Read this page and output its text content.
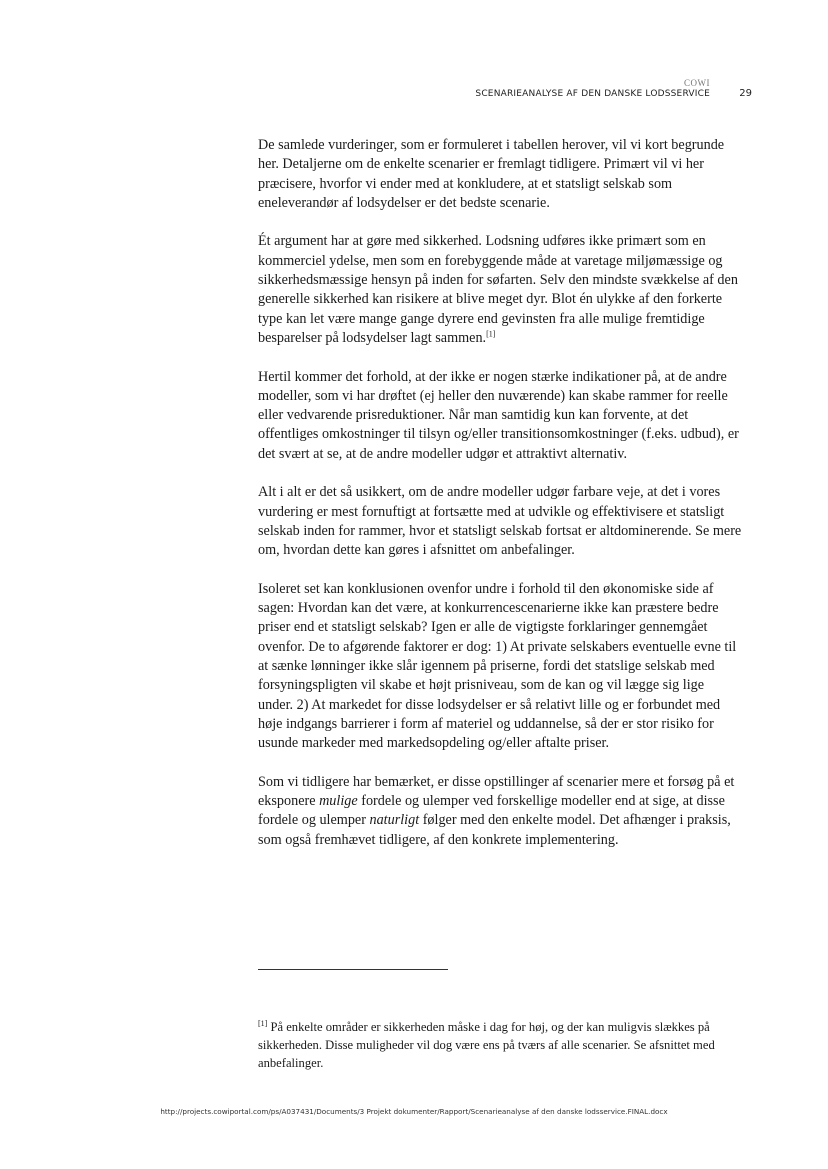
COWI
SCENARIEANALYSE AF DEN DANSKE LODSSERVICE	29

De samlede vurderinger, som er formuleret i tabellen herover, vil vi kort begrunde her. Detaljerne om de enkelte scenarier er fremlagt tidligere. Primært vil vi her præcisere, hvorfor vi ender med at konkludere, at et statsligt selskab som eneleverandør af lodsydelser er det bedste scenarie.

Ét argument har at gøre med sikkerhed. Lodsning udføres ikke primært som en kommerciel ydelse, men som en forebyggende måde at varetage miljømæssige og sikkerhedsmæssige hensyn på inden for søfarten. Selv den mindste svækkelse af den generelle sikkerhed kan risikere at blive meget dyr. Blot én ulykke af den forkerte type kan let være mange gange dyrere end gevinsten fra alle mulige fremtidige besparelser på lodsydelser lagt sammen.[1]

Hertil kommer det forhold, at der ikke er nogen stærke indikationer på, at de andre modeller, som vi har drøftet (ej heller den nuværende) kan skabe rammer for reelle eller vedvarende prisreduktioner. Når man samtidig kun kan forvente, at det offentliges omkostninger til tilsyn og/eller transitionsomkostninger (f.eks. udbud), er det svært at se, at de andre modeller udgør et attraktivt alternativ.

Alt i alt er det så usikkert, om de andre modeller udgør farbare veje, at det i vores vurdering er mest fornuftigt at fortsætte med at udvikle og effektivisere et statsligt selskab inden for rammer, hvor et statsligt selskab fortsat er altdominerende. Se mere om, hvordan dette kan gøres i afsnittet om anbefalinger.

Isoleret set kan konklusionen ovenfor undre i forhold til den økonomiske side af sagen: Hvordan kan det være, at konkurrencescenarierne ikke kan præstere bedre priser end et statsligt selskab? Igen er alle de vigtigste forklaringer gennemgået ovenfor. De to afgørende faktorer er dog: 1) At private selskabers eventuelle evne til at sænke lønninger ikke slår igennem på priserne, fordi det statslige selskab med forsyningspligten vil skabe et højt prisniveau, som de kan og vil lægge sig lige under. 2) At markedet for disse lodsydelser er så relativt lille og er forbundet med høje indgangs barrierer i form af materiel og uddannelse, så der er stor risiko for usunde markeder med markedsopdeling og/eller aftalte priser.

Som vi tidligere har bemærket, er disse opstillinger af scenarier mere et forsøg på et eksponere mulige fordele og ulemper ved forskellige modeller end at sige, at disse fordele og ulemper naturligt følger med den enkelte model. Det afhænger i praksis, som også fremhævet tidligere, af den konkrete implementering.

[1] På enkelte områder er sikkerheden måske i dag for høj, og der kan muligvis slækkes på sikkerheden. Disse muligheder vil dog være ens på tværs af alle scenarier. Se afsnittet med anbefalinger.
http://projects.cowiportal.com/ps/A037431/Documents/3 Projekt dokumenter/Rapport/Scenarieanalyse af den danske lodsservice.FINAL.docx
